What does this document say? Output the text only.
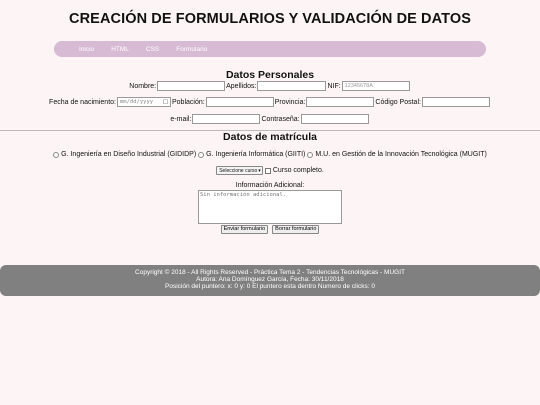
CREACIÓN DE FORMULARIOS Y VALIDACIÓN DE DATOS
Inicio	HTML	CSS	Formulario
Datos Personales
Nombre:	Apellidos:	NIF:
12345678A
Fecha de nacimiento: mm/dd/yyyy □ Población:	Provincia:	Código Postal:
e-mail:	Contraseña:
Datos de matrícula
G. Ingeniería en Diseño Industrial (GIDIDP) G. Ingeniería Informática (GIITI) M.U. en Gestión de la Innovación Tecnológica (MUGIT)
Seleccione curso ▾ Curso completo.
Información Adicional:
Sin información adicional.
Enviar formulario	Borrar formulario
Copyright © 2018 - All Rights Reserved - Práctica Tema 2 - Tendencias Tecnológicas - MUGIT
Autora: Ana Domínguez García, Fecha: 30/11/2018
Posición del puntero: x: 0 y: 0 El puntero esta dentro Numero de clicks: 0
